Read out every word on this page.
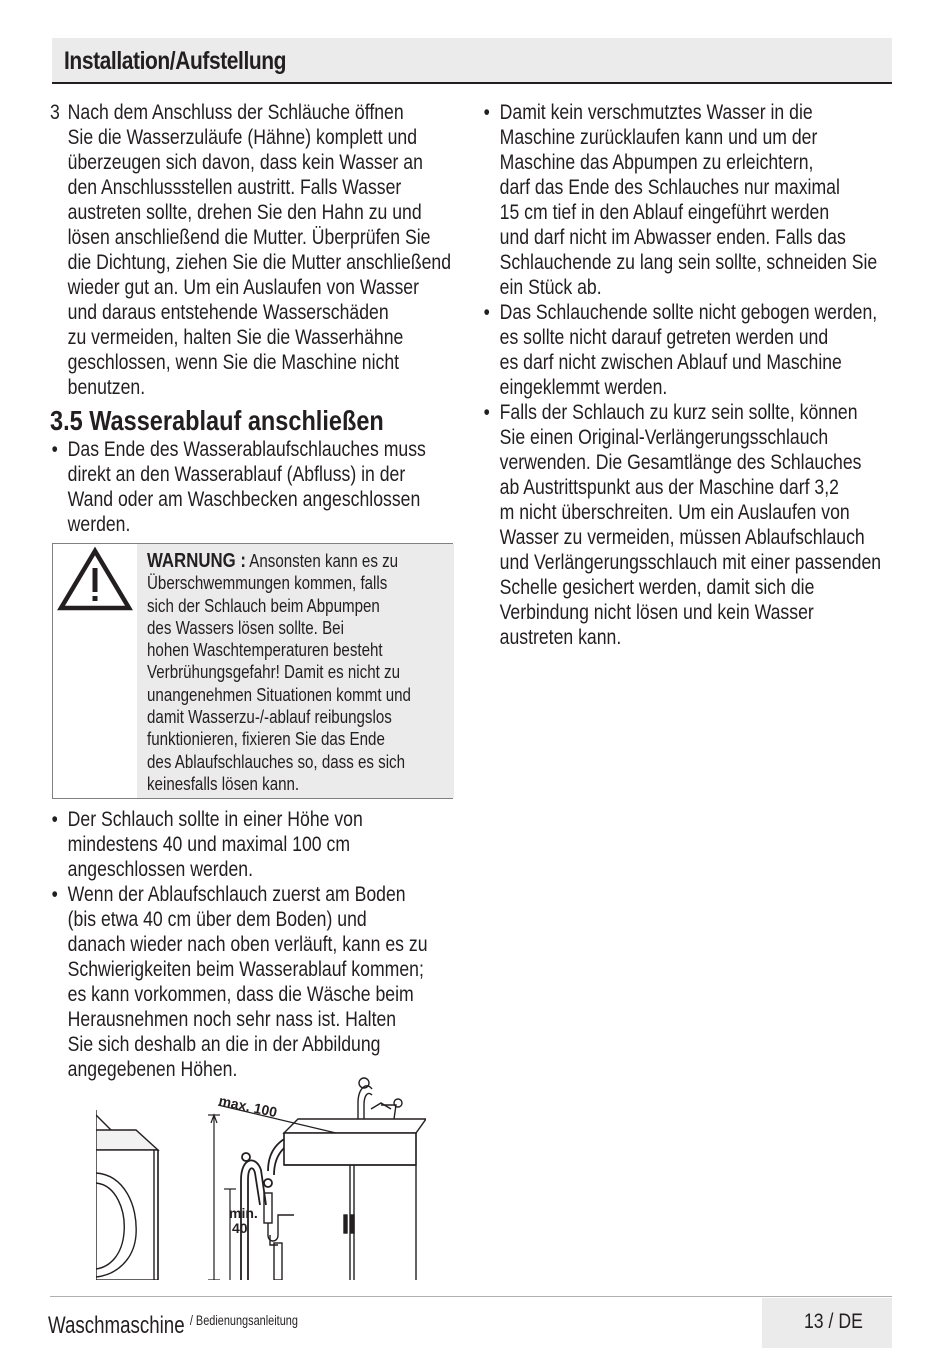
Installation/Aufstellung
3 Nach dem Anschluss der Schläuche öffnen
Sie die Wasserzuläufe (Hähne) komplett und
überzeugen sich davon, dass kein Wasser an
den Anschlussstellen austritt. Falls Wasser
austreten sollte, drehen Sie den Hahn zu und
lösen anschließend die Mutter. Überprüfen Sie
die Dichtung, ziehen Sie die Mutter anschließend
wieder gut an. Um ein Auslaufen von Wasser
und daraus entstehende Wasserschäden
zu vermeiden, halten Sie die Wasserhähne
geschlossen, wenn Sie die Maschine nicht
benutzen.
3.5 Wasserablauf anschließen
• Das Ende des Wasserablaufschlauches muss
direkt an den Wasserablauf (Abfluss) in der
Wand oder am Waschbecken angeschlossen
werden.
WARNUNG : Ansonsten kann es zu
Überschwemmungen kommen, falls
sich der Schlauch beim Abpumpen
des Wassers lösen sollte. Bei
hohen Waschtemperaturen besteht
Verbrühungsgefahr! Damit es nicht zu
unangenehmen Situationen kommt und
damit Wasserzu-/-ablauf reibungslos
funktionieren, fixieren Sie das Ende
des Ablaufschlauches so, dass es sich
keinesfalls lösen kann.
• Der Schlauch sollte in einer Höhe von
mindestens 40 und maximal 100 cm
angeschlossen werden.
• Wenn der Ablaufschlauch zuerst am Boden
(bis etwa 40 cm über dem Boden) und
danach wieder nach oben verläuft, kann es zu
Schwierigkeiten beim Wasserablauf kommen;
es kann vorkommen, dass die Wäsche beim
Herausnehmen noch sehr nass ist. Halten
Sie sich deshalb an die in der Abbildung
angegebenen Höhen.
• Damit kein verschmutztes Wasser in die
Maschine zurücklaufen kann und um der
Maschine das Abpumpen zu erleichtern,
darf das Ende des Schlauches nur maximal
15 cm tief in den Ablauf eingeführt werden
und darf nicht im Abwasser enden. Falls das
Schlauchende zu lang sein sollte, schneiden Sie
ein Stück ab.
• Das Schlauchende sollte nicht gebogen werden,
es sollte nicht darauf getreten werden und
es darf nicht zwischen Ablauf und Maschine
eingeklemmt werden.
• Falls der Schlauch zu kurz sein sollte, können
Sie einen Original-Verlängerungsschlauch
verwenden. Die Gesamtlänge des Schlauches
ab Austrittspunkt aus der Maschine darf 3,2
m nicht überschreiten. Um ein Auslaufen von
Wasser zu vermeiden, müssen Ablaufschlauch
und Verlängerungsschlauch mit einer passenden
Schelle gesichert werden, damit sich die
Verbindung nicht lösen und kein Wasser
austreten kann.
max. 100
min.
40
Waschmaschine $^{/ Bedienungsanleitung}$	13 / DE
